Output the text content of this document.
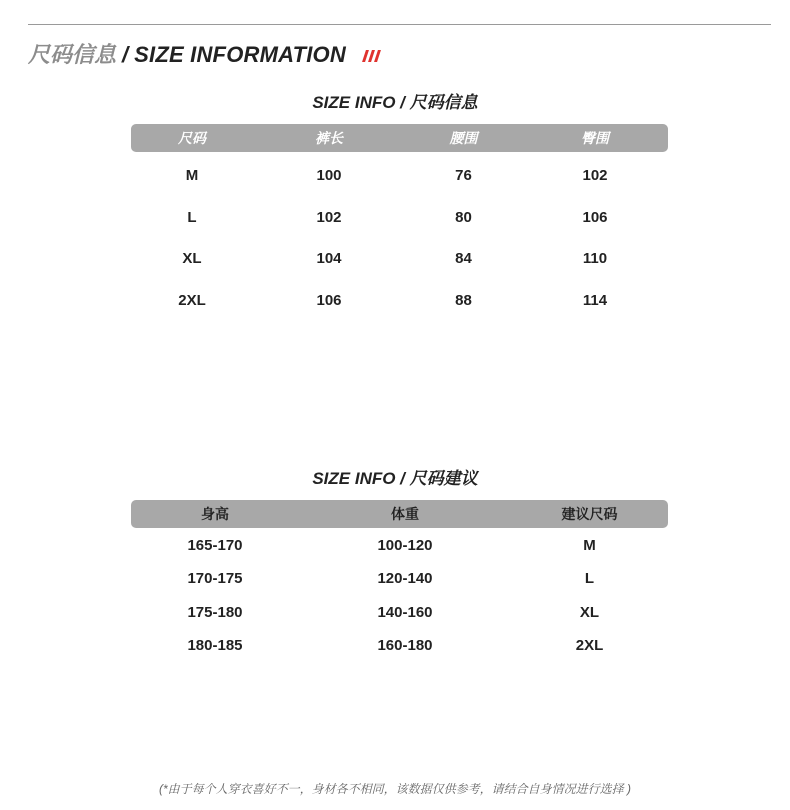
尺码信息 / SIZE INFORMATION
SIZE INFO / 尺码信息
尺码	裤长	腰围	臀围
M	100	76	102
L	102	80	106
XL	104	84	110
2XL	106	88	114
SIZE INFO / 尺码建议
身高	体重	建议尺码
165-170	100-120	M
170-175	120-140	L
175-180	140-160	XL
180-185	160-180	2XL
(*由于每个人穿衣喜好不一，身材各不相同，该数据仅供参考，请结合自身情况进行选择 )
